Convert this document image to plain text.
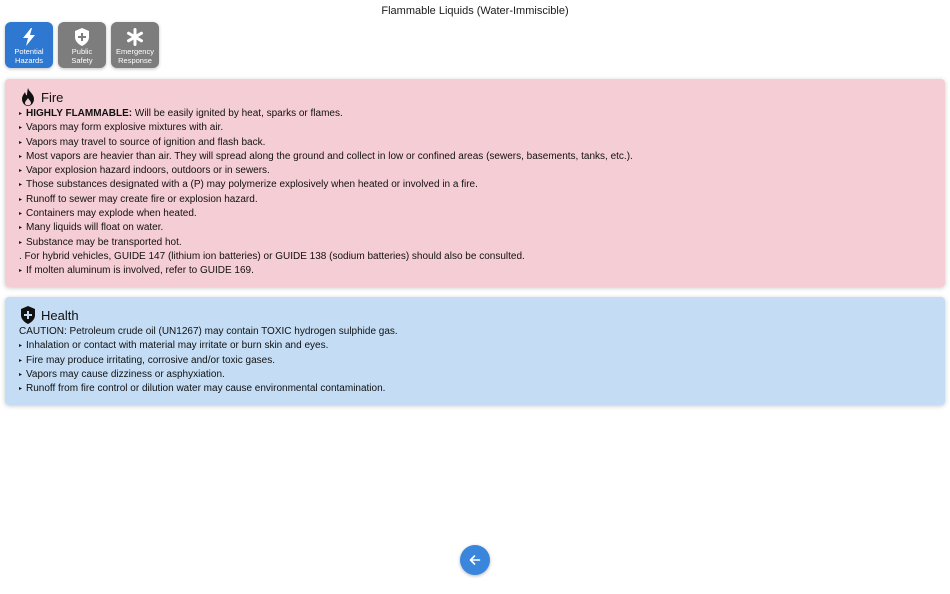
Flammable Liquids (Water-Immiscible)
Potential
Hazards
Public
Safety
Emergency
Response
Fire
▸ HIGHLY FLAMMABLE: Will be easily ignited by heat, sparks or flames.
▸ Vapors may form explosive mixtures with air.
▸ Vapors may travel to source of ignition and flash back.
▸ Most vapors are heavier than air. They will spread along the ground and collect in low or confined areas (sewers, basements, tanks, etc.).
▸ Vapor explosion hazard indoors, outdoors or in sewers.
▸ Those substances designated with a (P) may polymerize explosively when heated or involved in a fire.
▸ Runoff to sewer may create fire or explosion hazard.
▸ Containers may explode when heated.
▸ Many liquids will float on water.
▸ Substance may be transported hot.
. For hybrid vehicles, GUIDE 147 (lithium ion batteries) or GUIDE 138 (sodium batteries) should also be consulted.
▸ If molten aluminum is involved, refer to GUIDE 169.
Health
CAUTION: Petroleum crude oil (UN1267) may contain TOXIC hydrogen sulphide gas.
▸ Inhalation or contact with material may irritate or burn skin and eyes.
▸ Fire may produce irritating, corrosive and/or toxic gases.
▸ Vapors may cause dizziness or asphyxiation.
▸ Runoff from fire control or dilution water may cause environmental contamination.
